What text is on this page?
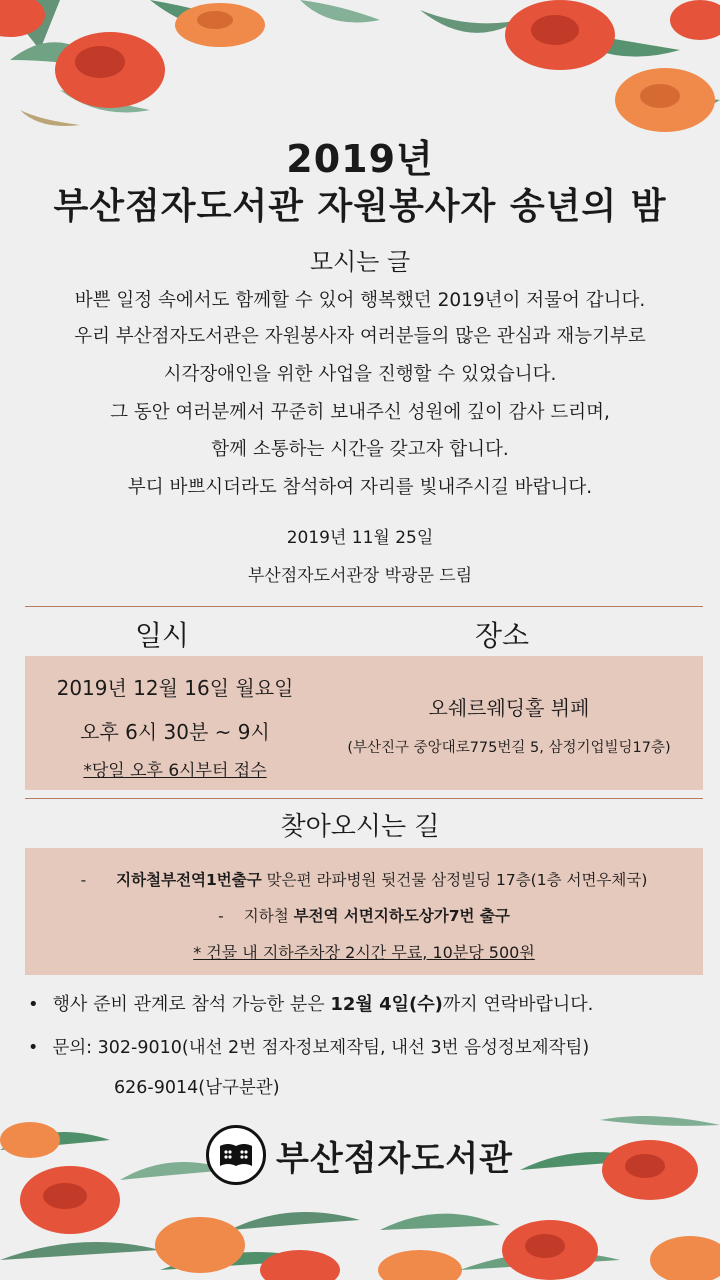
2019년
부산점자도서관 자원봉사자 송년의 밤
모시는 글
바쁜 일정 속에서도 함께할 수 있어 행복했던 2019년이 저물어 갑니다.
우리 부산점자도서관은 자원봉사자 여러분들의 많은 관심과 재능기부로
시각장애인을 위한 사업을 진행할 수 있었습니다.
그 동안 여러분께서 꾸준히 보내주신 성원에 깊이 감사 드리며,
함께 소통하는 시간을 갖고자 합니다.
부디 바쁘시더라도 참석하여 자리를 빛내주시길 바랍니다.
2019년 11월 25일
부산점자도서관장 박광문 드림
일시	장소
2019년 12월 16일 월요일
오후 6시 30분 ~ 9시
*당일 오후 6시부터 접수
오쉐르웨딩홀 뷔페
(부산진구 중앙대로775번길 5, 삼정기업빌딩17층)
찾아오시는 길
- 지하철부전역1번출구 맞은편 라파병원 뒷건물 삼정빌딩 17층(1층 서면우체국)
- 지하철 부전역 서면지하도상가7번 출구
* 건물 내 지하주차장 2시간 무료, 10분당 500원
• 행사 준비 관계로 참석 가능한 분은 12월 4일(수)까지 연락바랍니다.
• 문의: 302-9010(내선 2번 점자정보제작팀, 내선 3번 음성정보제작팀)
626-9014(남구분관)
부산점자도서관
